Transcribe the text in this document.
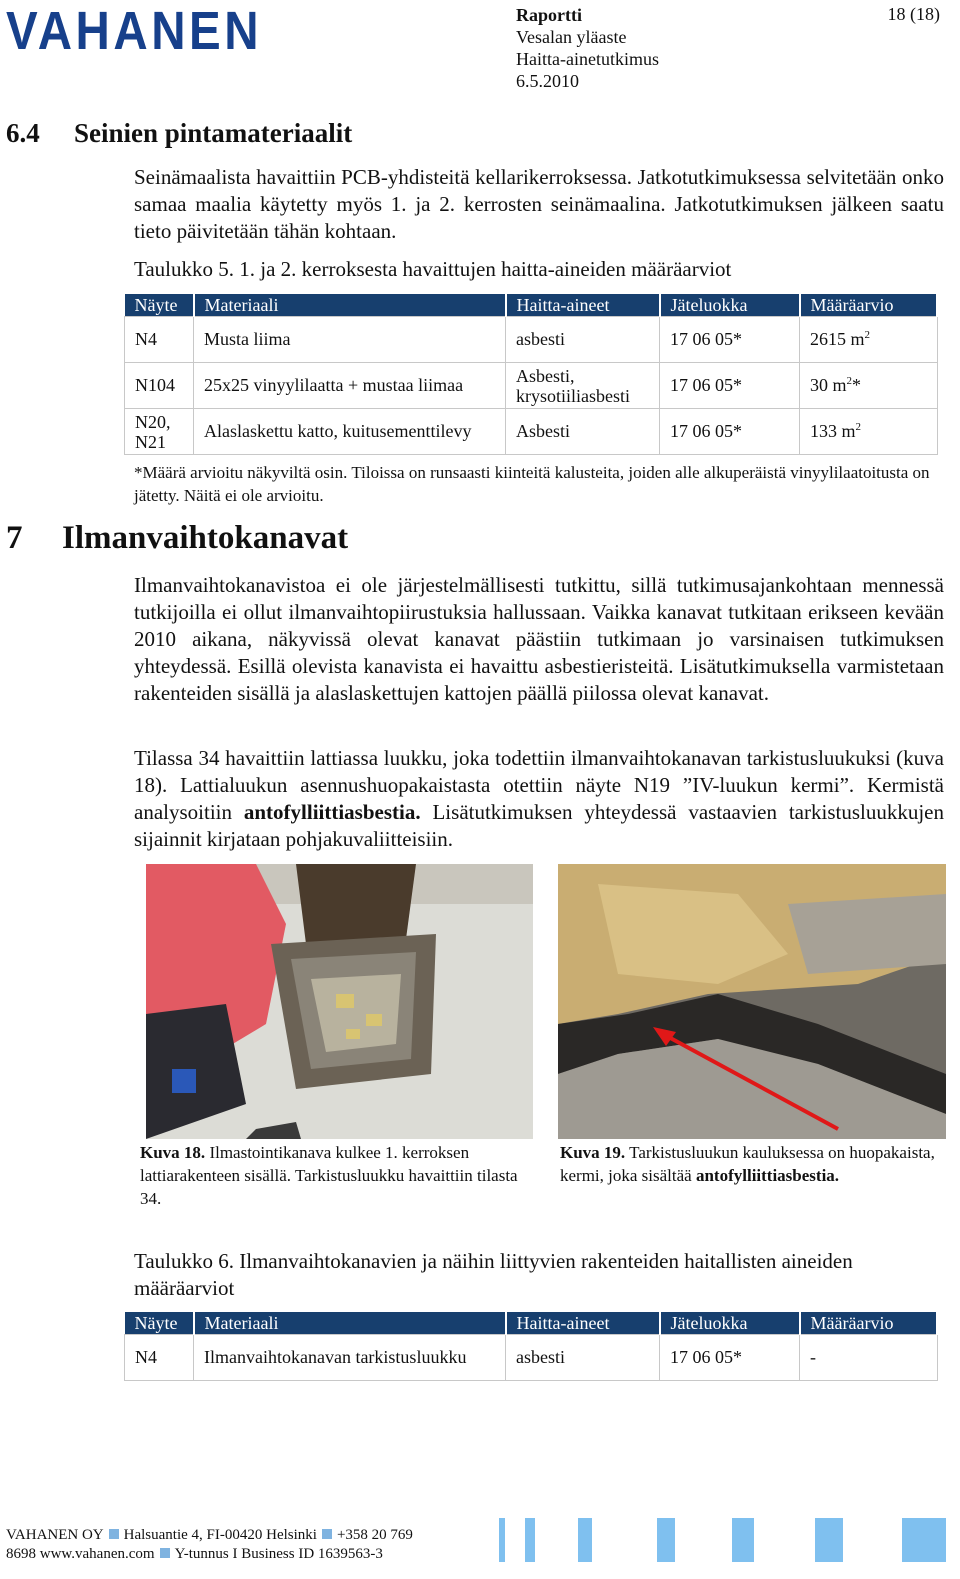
VAHANEN	Raportti
Vesalan yläaste
Haitta-ainetutkimus
6.5.2010
18 (18)
6.4 Seinien pintamateriaalit
Seinämaalista havaittiin PCB-yhdisteitä kellarikerroksessa. Jatkotutkimuksessa selvitetään onko samaa maalia käytetty myös 1. ja 2. kerrosten seinämaalina. Jatkotutkimuksen jälkeen saatu tieto päivitetään tähän kohtaan.
Taulukko 5. 1. ja 2. kerroksesta havaittujen haitta-aineiden määräarviot
Näyte	Materiaali	Haitta-aineet	Jäteluokka	Määräarvio
N4	Musta liima	asbesti	17 06 05*	2615 $m^2$
N104	25x25 vinyylilaatta + mustaa liimaa	Asbesti, krysotiiliasbesti	17 06 05*	30 $m^2*$
N20, N21	Alaslaskettu katto, kuitusementtilevy	Asbesti	17 06 05*	133 $m^2$
*Määrä arvioitu näkyviltä osin. Tiloissa on runsaasti kiinteitä kalusteita, joiden alle alkuperäistä vinyylilaatoitusta on jätetty. Näitä ei ole arvioitu.
7 Ilmanvaihtokanavat
Ilmanvaihtokanavistoa ei ole järjestelmällisesti tutkittu, sillä tutkimusajankohtaan mennessä tutkijoilla ei ollut ilmanvaihtopiirustuksia hallussaan. Vaikka kanavat tutkitaan erikseen kevään 2010 aikana, näkyvissä olevat kanavat päästiin tutkimaan jo varsinaisen tutkimuksen yhteydessä. Esillä olevista kanavista ei havaittu asbestieristeitä. Lisätutkimuksella varmistetaan rakenteiden sisällä ja alaslaskettujen kattojen päällä piilossa olevat kanavat.
Tilassa 34 havaittiin lattiassa luukku, joka todettiin ilmanvaihtokanavan tarkistusluukuksi (kuva 18). Lattialuukun asennushuopakaistasta otettiin näyte N19 ”IV-luukun kermi”. Kermistä analysoitiin antofylliittiasbestia. Lisätutkimuksen yhteydessä vastaavien tarkistusluukkujen sijainnit kirjataan pohjakuvaliitteisiin.
Kuva 18. Ilmastointikanava kulkee 1. kerroksen lattiarakenteen sisällä. Tarkistusluukku havaittiin tilasta 34.
Kuva 19. Tarkistusluukun kauluksessa on huopakaista, kermi, joka sisältää antofylliittiasbestia.
Taulukko 6. Ilmanvaihtokanavien ja näihin liittyvien rakenteiden haitallisten aineiden määräarviot
Näyte	Materiaali	Haitta-aineet	Jäteluokka	Määräarvio
N4	Ilmanvaihtokanavan tarkistusluukku	asbesti	17 06 05*	-
VAHANEN OY Halsuantie 4, FI-00420 Helsinki +358 20 769
8698 www.vahanen.com Y-tunnus I Business ID 1639563-3
